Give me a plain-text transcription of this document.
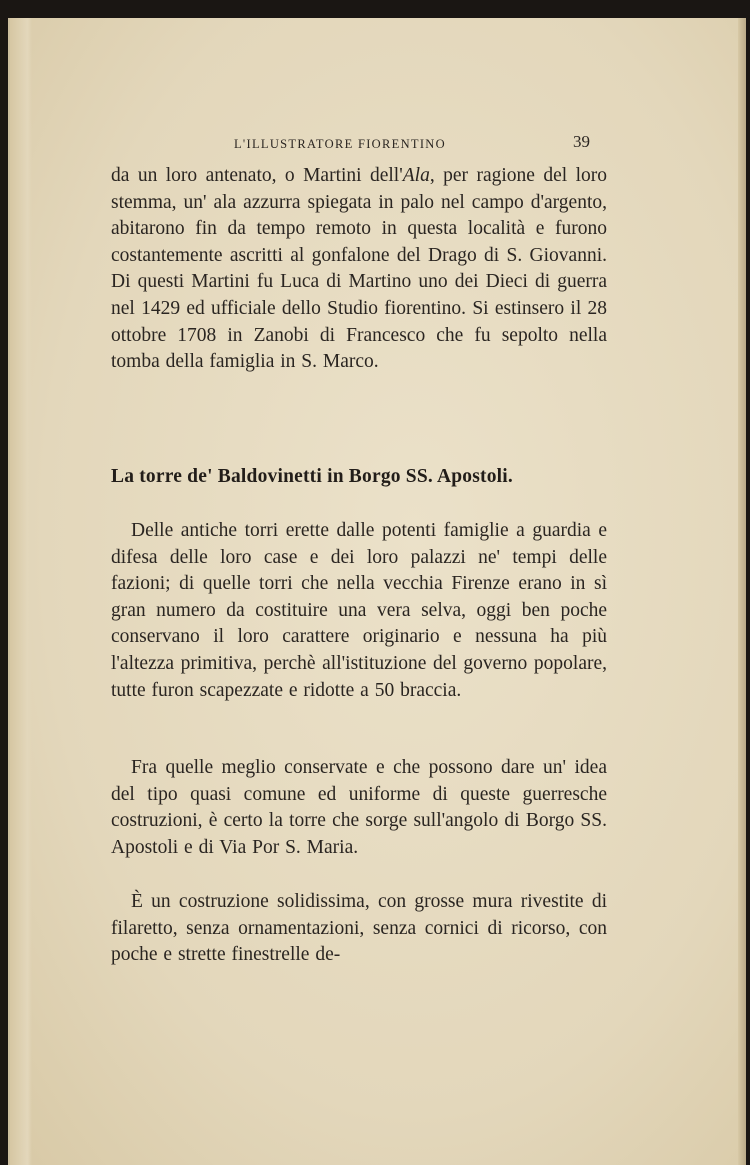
L'ILLUSTRATORE FIORENTINO	39

da un loro antenato, o Martini dell'Ala, per ragione del loro stemma, un' ala azzurra spiegata in palo nel campo d'argento, abitarono fin da tempo remoto in questa località e furono costantemente ascritti al gonfalone del Drago di S. Giovanni. Di questi Martini fu Luca di Martino uno dei Dieci di guerra nel 1429 ed ufficiale dello Studio fiorentino. Si estinsero il 28 ottobre 1708 in Zanobi di Francesco che fu sepolto nella tomba della famiglia in S. Marco.

La torre de' Baldovinetti in Borgo SS. Apostoli.

Delle antiche torri erette dalle potenti famiglie a guardia e difesa delle loro case e dei loro palazzi ne' tempi delle fazioni; di quelle torri che nella vecchia Firenze erano in sì gran numero da costituire una vera selva, oggi ben poche conservano il loro carattere originario e nessuna ha più l'altezza primitiva, perchè all'istituzione del governo popolare, tutte furon scapezzate e ridotte a 50 braccia.

Fra quelle meglio conservate e che possono dare un' idea del tipo quasi comune ed uniforme di queste guerresche costruzioni, è certo la torre che sorge sull'angolo di Borgo SS. Apostoli e di Via Por S. Maria.

È un costruzione solidissima, con grosse mura rivestite di filaretto, senza ornamentazioni, senza cornici di ricorso, con poche e strette finestrelle de-
